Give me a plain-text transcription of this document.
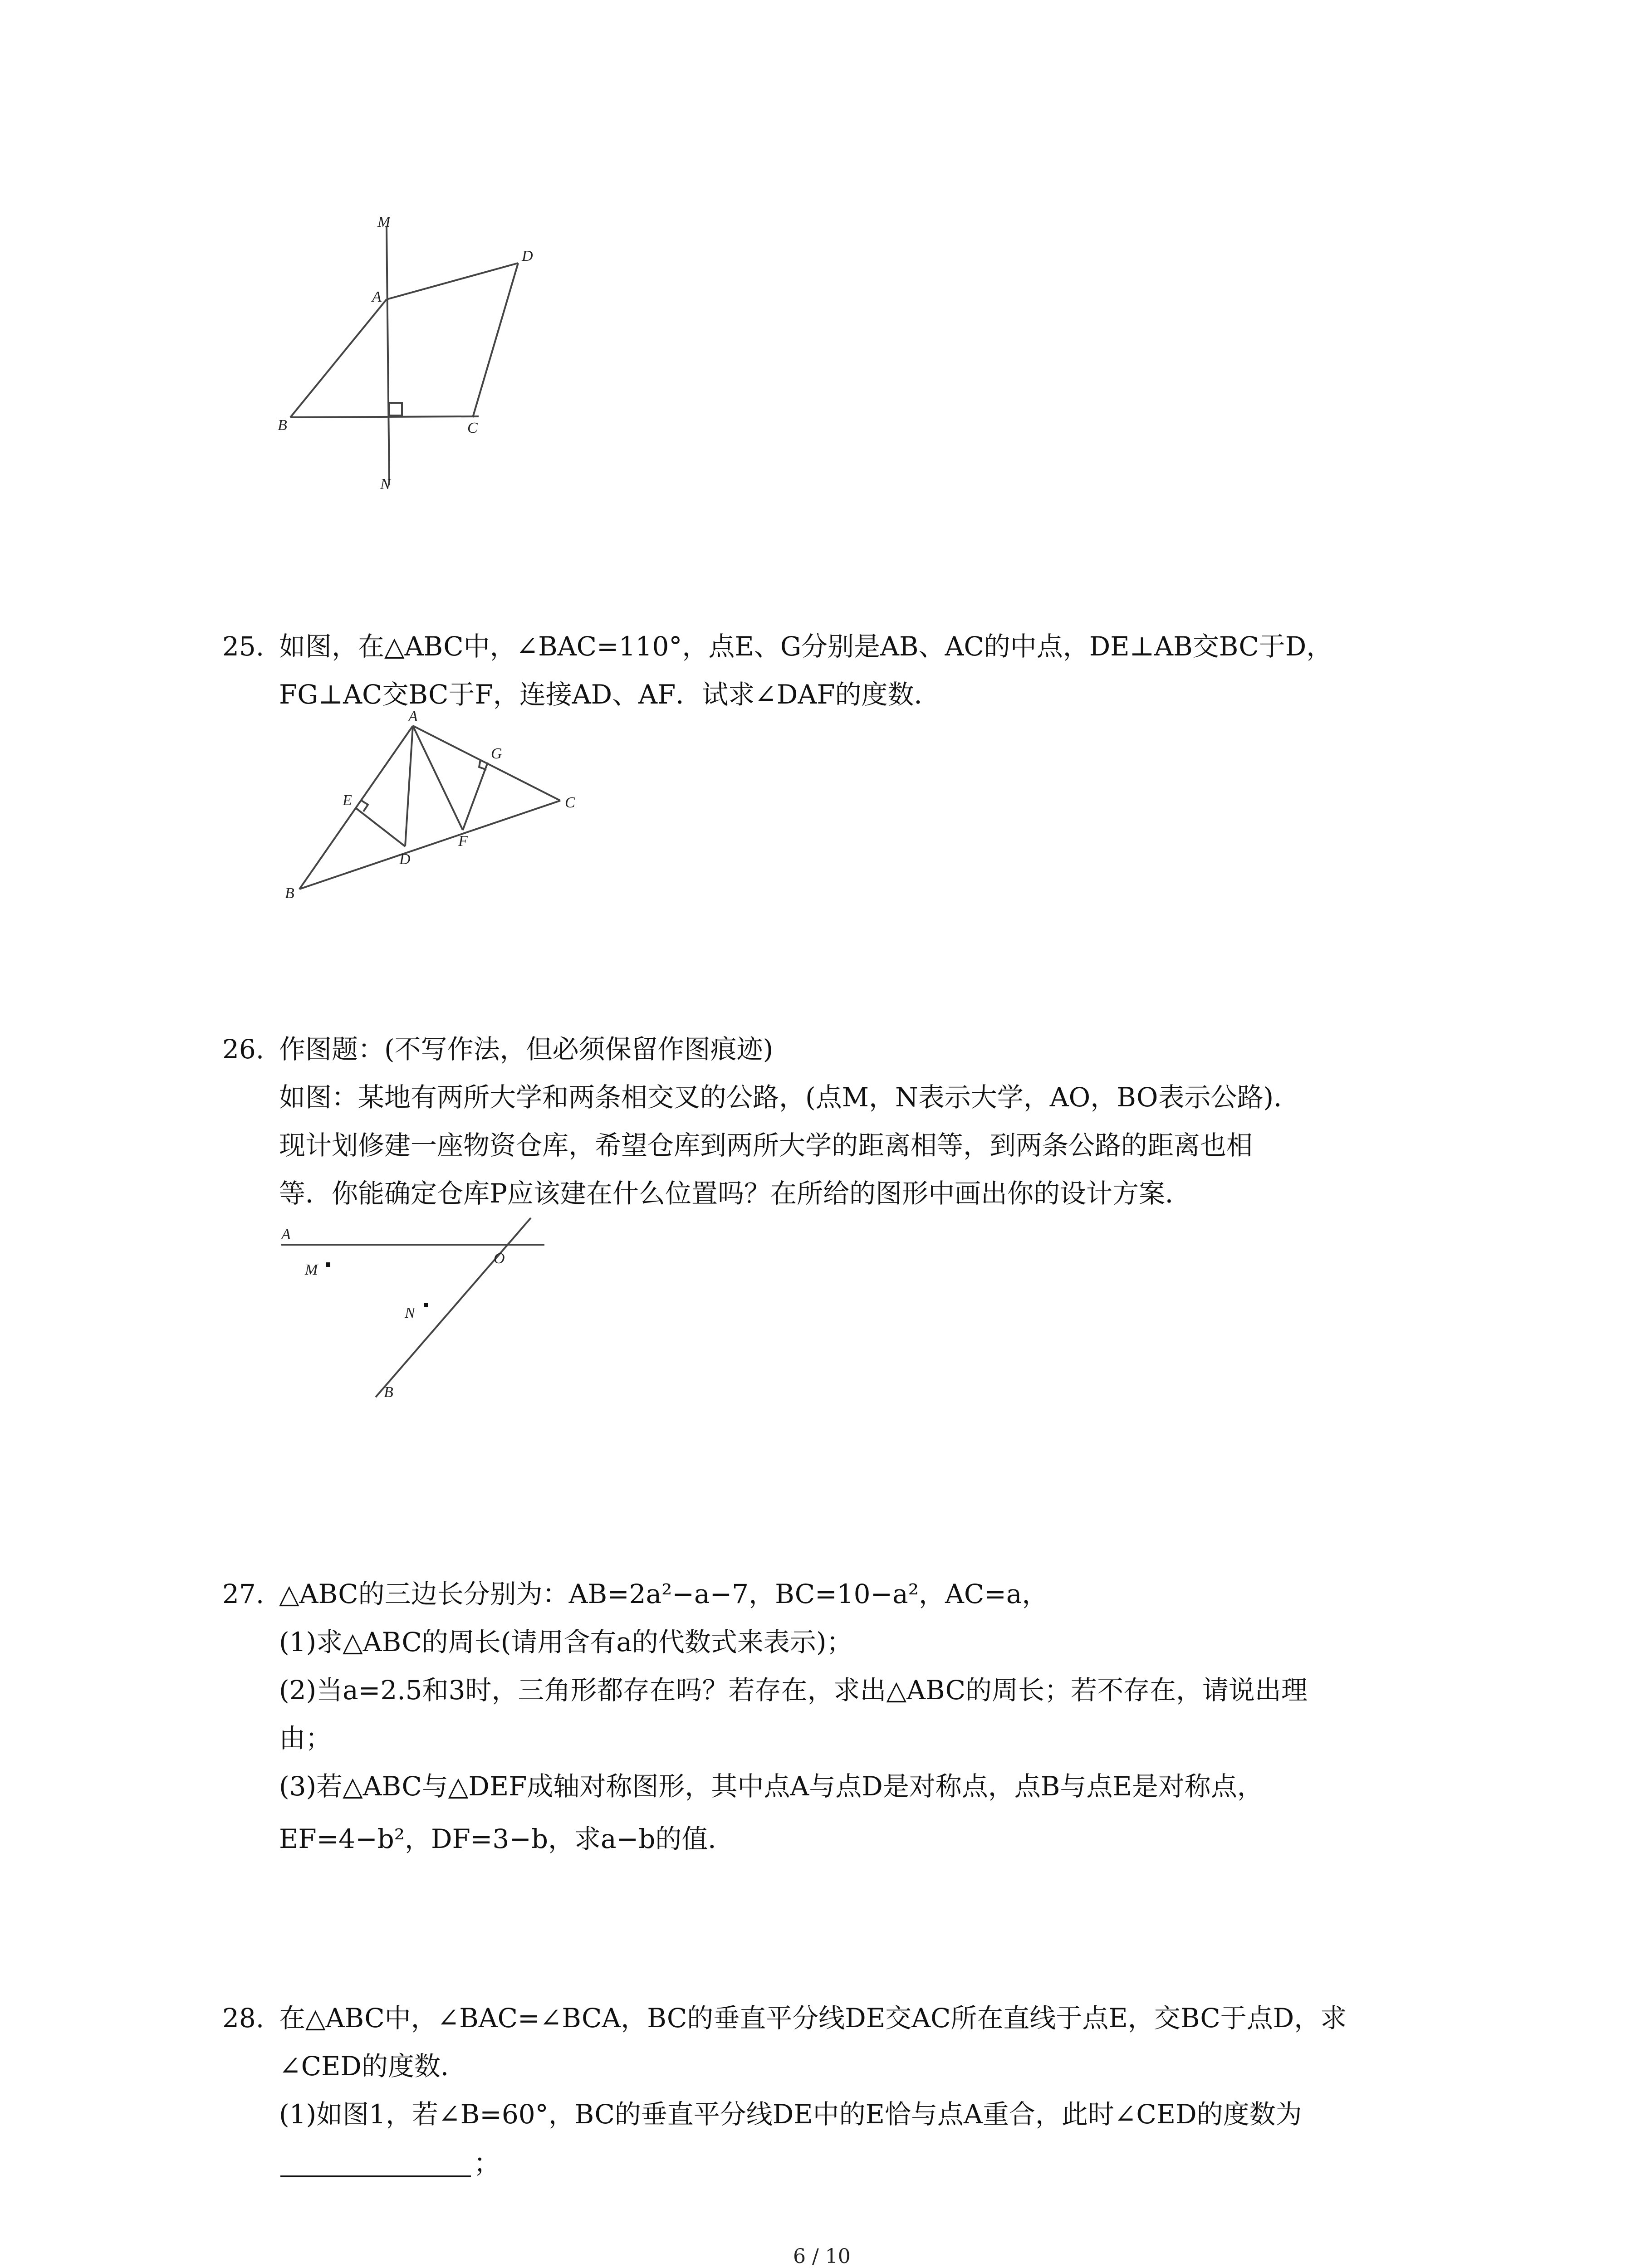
M
A
D
B	C
N
25. 如图，在△ABC中，∠BAC=110°，点E、G分别是AB、AC的中点，DE⊥AB交BC于D，
FG⊥AC交BC于F，连接AD、AF．试求∠DAF的度数．
A
G
E	C
D
F
B
26. 作图题：(不写作法，但必须保留作图痕迹)
如图：某地有两所大学和两条相交叉的公路，(点M，N表示大学，AO，BO表示公路)．
现计划修建一座物资仓库，希望仓库到两所大学的距离相等，到两条公路的距离也相
等．你能确定仓库P应该建在什么位置吗？在所给的图形中画出你的设计方案．
A
O
M
N
B
27. △ABC的三边长分别为：AB=2a²−a−7，BC=10−a²，AC=a，
(1)求△ABC的周长(请用含有a的代数式来表示)；
(2)当a=2.5和3时，三角形都存在吗？若存在，求出△ABC的周长；若不存在，请说出理
由；
(3)若△ABC与△DEF成轴对称图形，其中点A与点D是对称点，点B与点E是对称点，
EF=4−b²，DF=3−b，求a−b的值．
28. 在△ABC中，∠BAC=∠BCA，BC的垂直平分线DE交AC所在直线于点E，交BC于点D，求
∠CED的度数．
(1)如图1，若∠B=60°，BC的垂直平分线DE中的E恰与点A重合，此时∠CED的度数为
；
6 / 10
